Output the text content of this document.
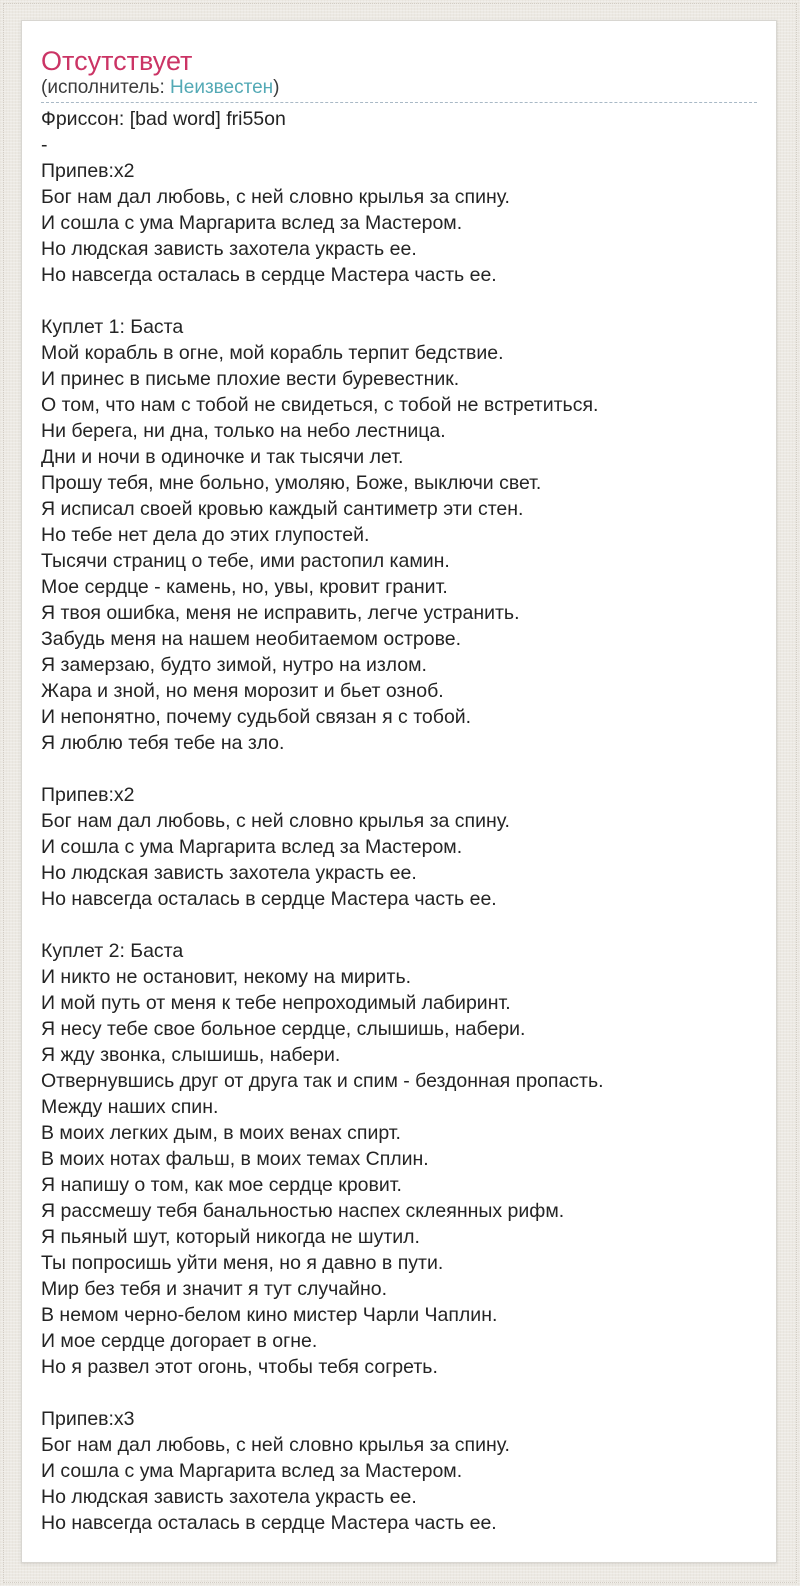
Отсутствует
(исполнитель: Неизвестен)
Фриссон: [bad word] fri55on
-
Припев:x2
Бог нам дал любовь, с ней словно крылья за спину.
И сошла с ума Маргарита вслед за Мастером.
Но людская зависть захотела украсть ее.
Но навсегда осталась в сердце Мастера часть ее.

Куплет 1: Баста
Мой корабль в огне, мой корабль терпит бедствие.
И принес в письме плохие вести буревестник.
О том, что нам с тобой не свидеться, с тобой не встретиться.
Ни берега, ни дна, только на небо лестница.
Дни и ночи в одиночке и так тысячи лет.
Прошу тебя, мне больно, умоляю, Боже, выключи свет.
Я исписал своей кровью каждый сантиметр эти стен.
Но тебе нет дела до этих глупостей.
Тысячи страниц о тебе, ими растопил камин.
Мое сердце - камень, но, увы, кровит гранит.
Я твоя ошибка, меня не исправить, легче устранить.
Забудь меня на нашем необитаемом острове.
Я замерзаю, будто зимой, нутро на излом.
Жара и зной, но меня морозит и бьет озноб.
И непонятно, почему судьбой связан я с тобой.
Я люблю тебя тебе на зло.

Припев:x2
Бог нам дал любовь, с ней словно крылья за спину.
И сошла с ума Маргарита вслед за Мастером.
Но людская зависть захотела украсть ее.
Но навсегда осталась в сердце Мастера часть ее.

Куплет 2: Баста
И никто не остановит, некому на мирить.
И мой путь от меня к тебе непроходимый лабиринт.
Я несу тебе свое больное сердце, слышишь, набери.
Я жду звонка, слышишь, набери.
Отвернувшись друг от друга так и спим - бездонная пропасть.
Между наших спин.
В моих легких дым, в моих венах спирт.
В моих нотах фальш, в моих темах Сплин.
Я напишу о том, как мое сердце кровит.
Я рассмешу тебя банальностью наспех склеянных рифм.
Я пьяный шут, который никогда не шутил.
Ты попросишь уйти меня, но я давно в пути.
Мир без тебя и значит я тут случайно.
В немом черно-белом кино мистер Чарли Чаплин.
И мое сердце догорает в огне.
Но я развел этот огонь, чтобы тебя согреть.

Припев:x3
Бог нам дал любовь, с ней словно крылья за спину.
И сошла с ума Маргарита вслед за Мастером.
Но людская зависть захотела украсть ее.
Но навсегда осталась в сердце Мастера часть ее.
